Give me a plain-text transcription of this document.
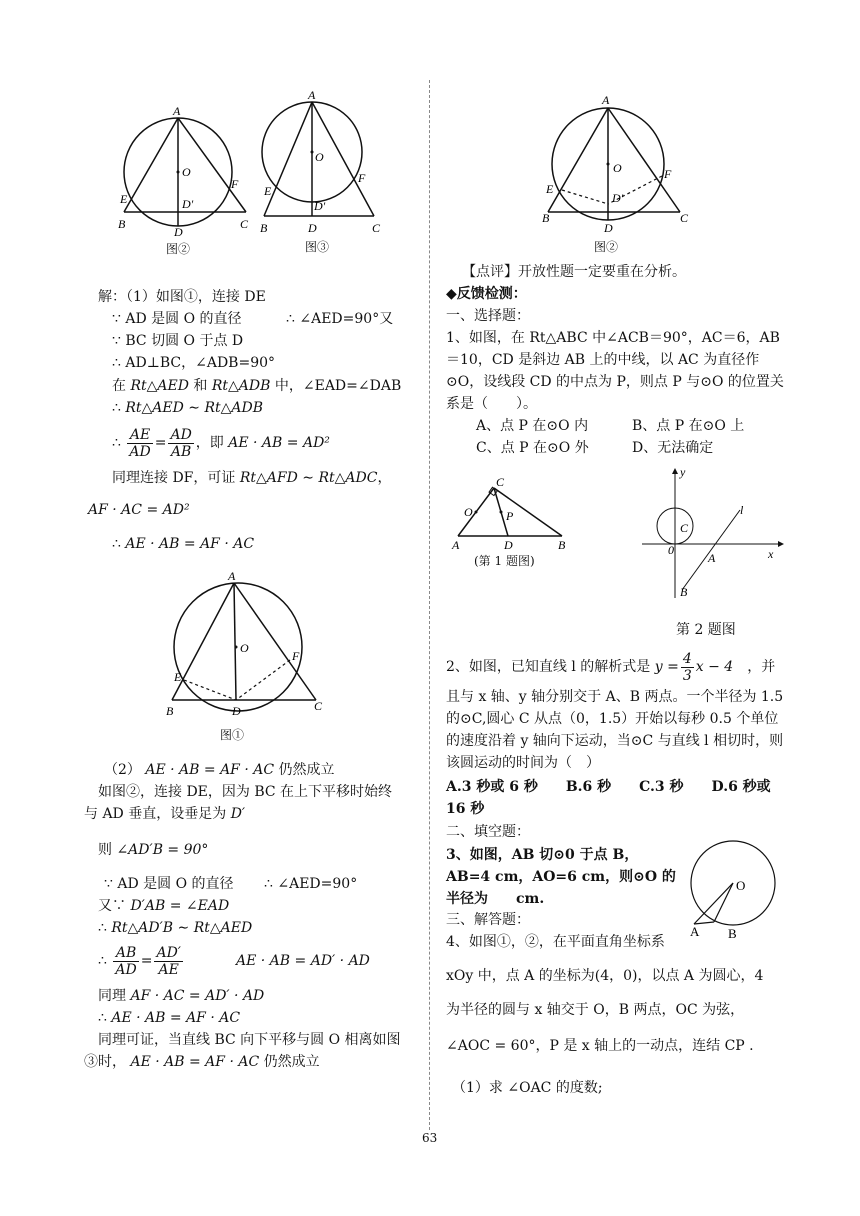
A
O
E
F
D'
B
D
C
图②
A
O
F
E
B
D'
D	C
图③
解：（1）如图①，连接 DE
∵ AD 是圆 O 的直径	∴ ∠AED=90°又
∵ BC 切圆 O 于点 D
∴ AD⊥BC，∠ADB=90°
在 Rt△AED 和 Rt△ADB 中，∠EAD=∠DAB
∴ Rt△AED ∼ Rt△ADB
∴ $\frac{AE}{AD} = \frac{AD}{AB}$ ，即 AE · AB = AD²
同理连接 DF，可证 Rt△AFD ∼ Rt△ADC，
AF · AC = AD²
∴ AE · AB = AF · AC
A
O
E
F
B	D	C
图①
（2） AE · AB = AF · AC 仍然成立
如图②，连接 DE，因为 BC 在上下平移时始终
与 AD 垂直，设垂足为 D′
则 ∠AD′B = 90°
∵ AD 是圆 O 的直径 ∴ ∠AED=90°
又∵ D′AB = ∠EAD
∴ Rt△AD′B ∼ Rt△AED
∴ $\frac{AB}{AD} = \frac{AD'}{AE}$	AE · AB = AD′ · AD
同理 AF · AC = AD′ · AD
∴ AE · AB = AF · AC
同理可证，当直线 BC 向下平移与圆 O 相离如图
③时， AE · AB = AF · AC 仍然成立
A
O
E
F
D'
B
D
C
图②
【点评】开放性题一定要重在分析。
◆反馈检测：
一、选择题：
1、如图，在 Rt△ABC 中∠ACB＝90°，AC＝6，AB＝10，CD 是斜边 AB 上的中线，以 AC 为直径作⊙O，设线段 CD 的中点为 P，则点 P 与⊙O 的位置关系是（　　）。
A、点 P 在⊙O 内	B、点 P 在⊙O 上
C、点 P 在⊙O 外	D、无法确定
C
O	P
A	D	B
(第 1 题图)
y
C
0
A
l
x
B
第 2 题图
2、如图，已知直线 l 的解析式是 $y = \frac{4}{3}$ x − 4　 ，并
且与 x 轴、y 轴分别交于 A、B 两点。一个半径为 1.5 的⊙C,圆心 C 从点（0，1.5）开始以每秒 0.5 个单位的速度沿着 y 轴向下运动，当⊙C 与直线 l 相切时，则该圆运动的时间为（　）
A.3 秒或 6 秒　　B.6 秒　　C.3 秒　　D.6 秒或 16 秒
二、填空题：
3、如图，AB 切⊙0 于点 B，AB=4 cm，AO=6 cm，则⊙O 的半径为　　cm.
O
A B
三、解答题：
4、如图①，②，在平面直角坐标系
xOy 中，点 A 的坐标为(4，0)，以点 A 为圆心，4
为半径的圆与 x 轴交于 O，B 两点，OC 为弦，
∠AOC = 60°，P 是 x 轴上的一动点，连结 CP .
（1）求 ∠OAC 的度数;
63
